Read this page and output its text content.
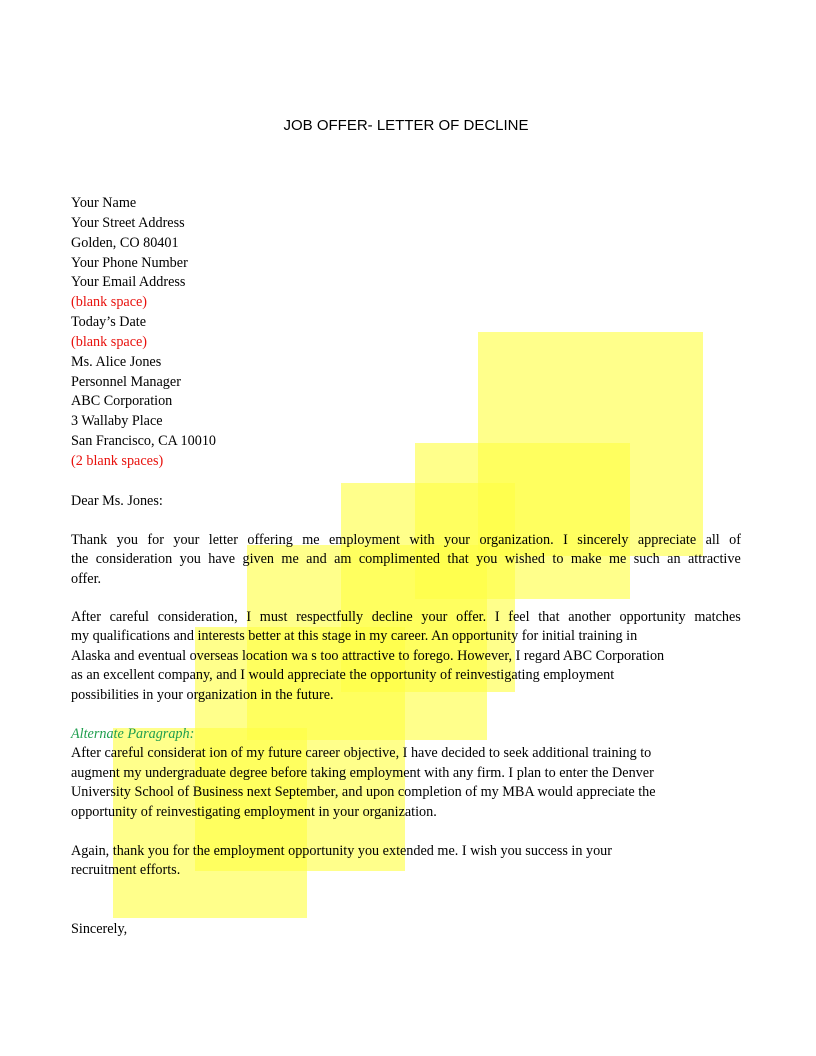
JOB OFFER- LETTER OF DECLINE
Your Name
Your Street Address
Golden, CO 80401
Your Phone Number
Your Email Address
(blank space)
Today’s Date
(blank space)
Ms. Alice Jones
Personnel Manager
ABC Corporation
3 Wallaby Place
San Francisco, CA 10010
(2 blank spaces)
Dear Ms. Jones:
Thank you for your letter offering me employment with your organization. I sincerely appreciate all of
the consideration you have given me and am complimented that you wished to make me such an attractive
offer.
After careful consideration, I must respectfully decline your offer. I feel that another opportunity matches
my qualifications and interests better at this stage in my career. An opportunity for initial training in
Alaska and eventual overseas location wa s too attractive to forego. However, I regard ABC Corporation
as an excellent company, and I would appreciate the opportunity of reinvestigating employment
possibilities in your organization in the future.
Alternate Paragraph:
After careful considerat ion of my future career objective, I have decided to seek additional training to
augment my undergraduate degree before taking employment with any firm. I plan to enter the Denver
University School of Business next September, and upon completion of my MBA would appreciate the
opportunity of reinvestigating employment in your organization.
Again, thank you for the employment opportunity you extended me. I wish you success in your
recruitment efforts.
Sincerely,
